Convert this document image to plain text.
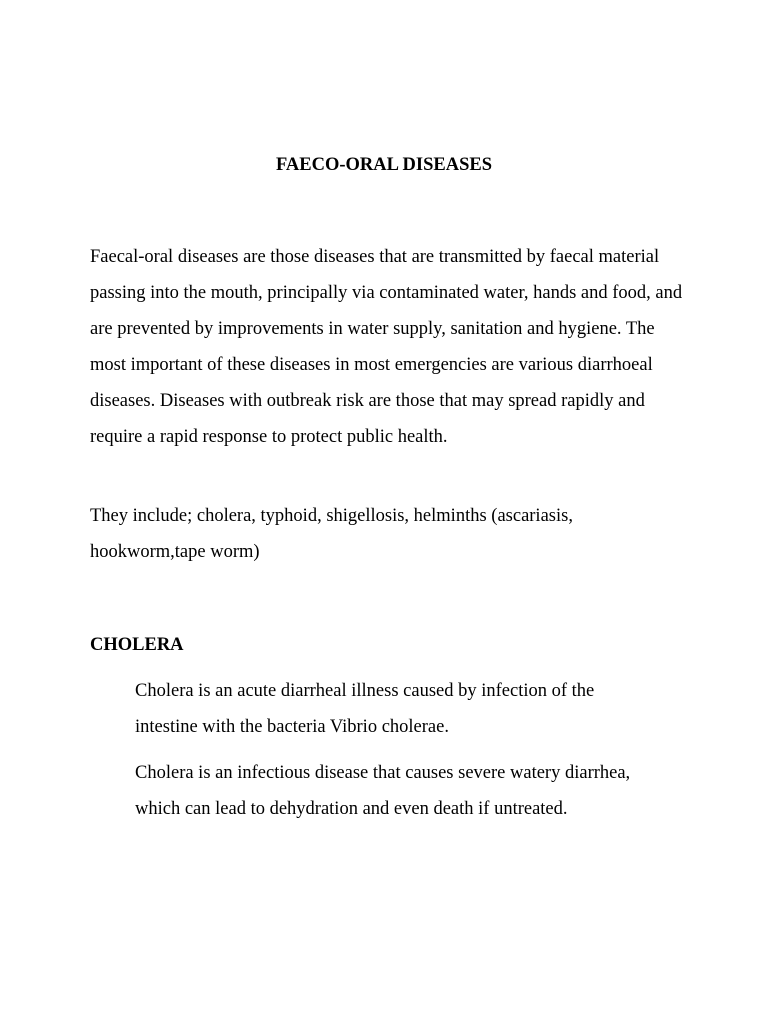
FAECO-ORAL DISEASES

Faecal-oral diseases are those diseases that are transmitted by faecal material passing into the mouth, principally via contaminated water, hands and food, and are prevented by improvements in water supply, sanitation and hygiene. The most important of these diseases in most emergencies are various diarrhoeal diseases. Diseases with outbreak risk are those that may spread rapidly and require a rapid response to protect public health.

They include; cholera, typhoid, shigellosis, helminths (ascariasis, hookworm,tape worm)

CHOLERA

Cholera is an acute diarrheal illness caused by infection of the intestine with the bacteria Vibrio cholerae.

Cholera is an infectious disease that causes severe watery diarrhea, which can lead to dehydration and even death if untreated.
